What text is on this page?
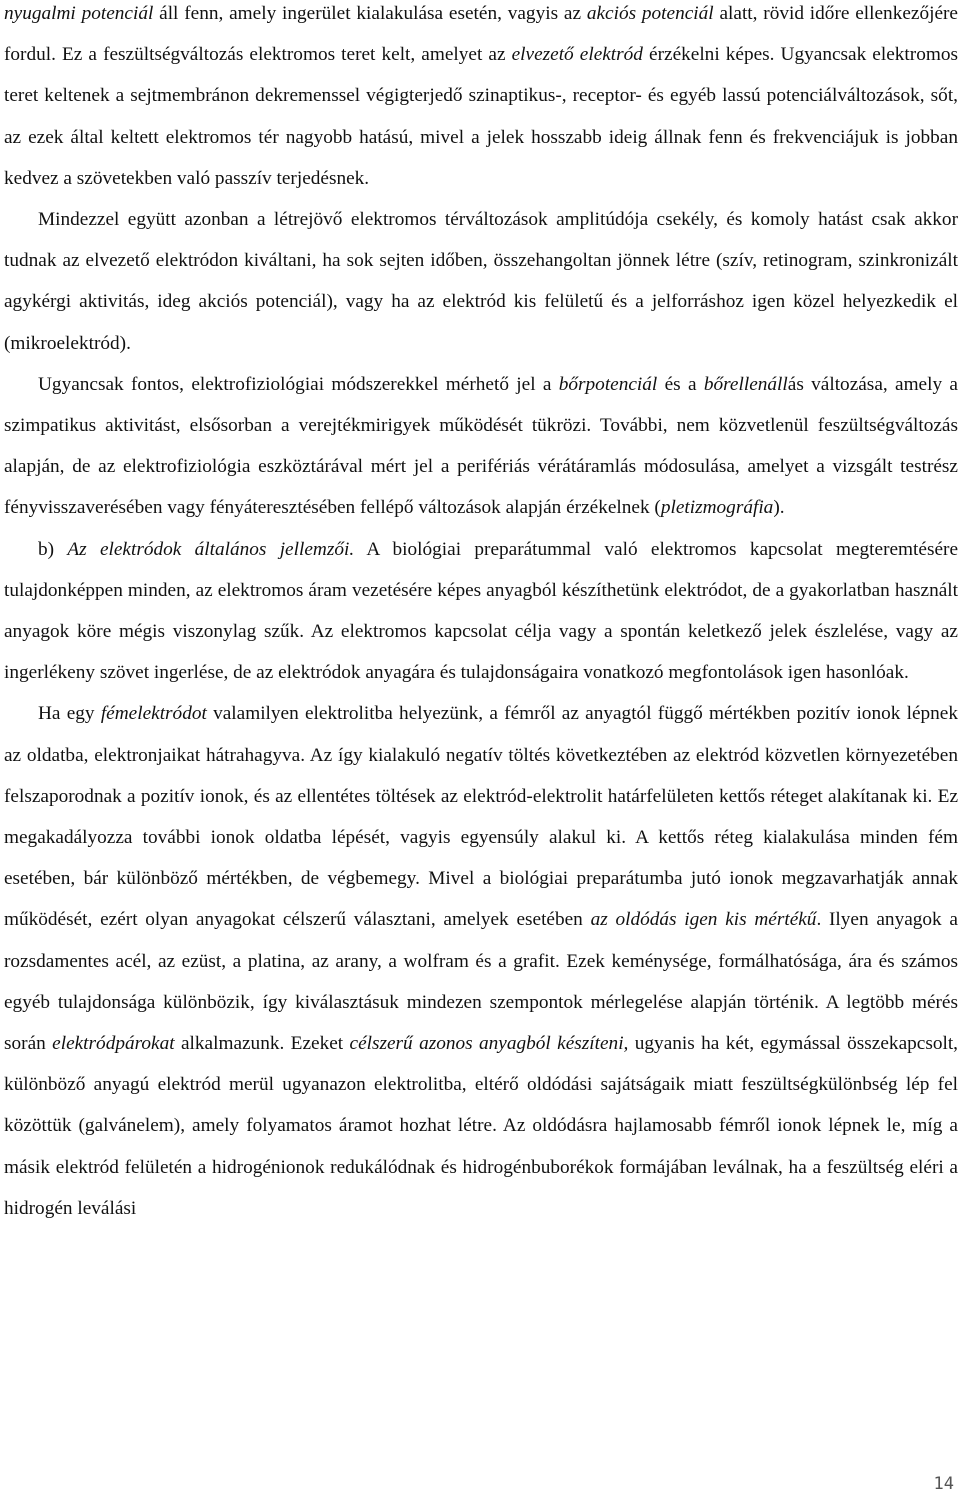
nyugalmi potenciál áll fenn, amely ingerület kialakulása esetén, vagyis az akciós potenciál alatt, rövid időre ellenkezőjére fordul. Ez a feszültségváltozás elektromos teret kelt, amelyet az elvezető elektród érzékelni képes. Ugyancsak elektromos teret keltenek a sejtmembránon dekremenssel végigterjedő szinaptikus-, receptor- és egyéb lassú potenciálváltozások, sőt, az ezek által keltett elektromos tér nagyobb hatású, mivel a jelek hosszabb ideig állnak fenn és frekvenciájuk is jobban kedvez a szövetekben való passzív terjedésnek.

Mindezzel együtt azonban a létrejövő elektromos térváltozások amplitúdója csekély, és komoly hatást csak akkor tudnak az elvezető elektródon kiváltani, ha sok sejten időben, összehangoltan jönnek létre (szív, retinogram, szinkronizált agykérgi aktivitás, ideg akciós potenciál), vagy ha az elektród kis felületű és a jelforráshoz igen közel helyezkedik el (mikroelektród).

Ugyancsak fontos, elektrofiziológiai módszerekkel mérhető jel a bőrpotenciál és a bőrellenállás változása, amely a szimpatikus aktivitást, elsősorban a verejtékmirigyek működését tükrözi. További, nem közvetlenül feszültségváltozás alapján, de az elektrofiziológia eszköztárával mért jel a perifériás vérátáramlás módosulása, amelyet a vizsgált testrész fényvisszaverésében vagy fényáteresztésében fellépő változások alapján érzékelnek (pletizmográfia).

b) Az elektródok általános jellemzői. A biológiai preparátummal való elektromos kapcsolat megteremtésére tulajdonképpen minden, az elektromos áram vezetésére képes anyagból készíthetünk elektródot, de a gyakorlatban használt anyagok köre mégis viszonylag szűk. Az elektromos kapcsolat célja vagy a spontán keletkező jelek észlelése, vagy az ingerlékeny szövet ingerlése, de az elektródok anyagára és tulajdonságaira vonatkozó megfontolások igen hasonlóak.

Ha egy fémelektródot valamilyen elektrolitba helyezünk, a fémről az anyagtól függő mértékben pozitív ionok lépnek az oldatba, elektronjaikat hátrahagyva. Az így kialakuló negatív töltés következtében az elektród közvetlen környezetében felszaporodnak a pozitív ionok, és az ellentétes töltések az elektród-elektrolit határfelületen kettős réteget alakítanak ki. Ez megakadályozza további ionok oldatba lépését, vagyis egyensúly alakul ki. A kettős réteg kialakulása minden fém esetében, bár különböző mértékben, de végbemegy. Mivel a biológiai preparátumba jutó ionok megzavarhatják annak működését, ezért olyan anyagokat célszerű választani, amelyek esetében az oldódás igen kis mértékű. Ilyen anyagok a rozsdamentes acél, az ezüst, a platina, az arany, a wolfram és a grafit. Ezek keménysége, formálhatósága, ára és számos egyéb tulajdonsága különbözik, így kiválasztásuk mindezen szempontok mérlegelése alapján történik. A legtöbb mérés során elektródpárokat alkalmazunk. Ezeket célszerű azonos anyagból készíteni, ugyanis ha két, egymással összekapcsolt, különböző anyagú elektród merül ugyanazon elektrolitba, eltérő oldódási sajátságaik miatt feszültségkülönbség lép fel közöttük (galvánelem), amely folyamatos áramot hozhat létre. Az oldódásra hajlamosabb fémről ionok lépnek le, míg a másik elektród felületén a hidrogénionok redukálódnak és hidrogénbuborékok formájában leválnak, ha a feszültség eléri a hidrogén leválási

14
